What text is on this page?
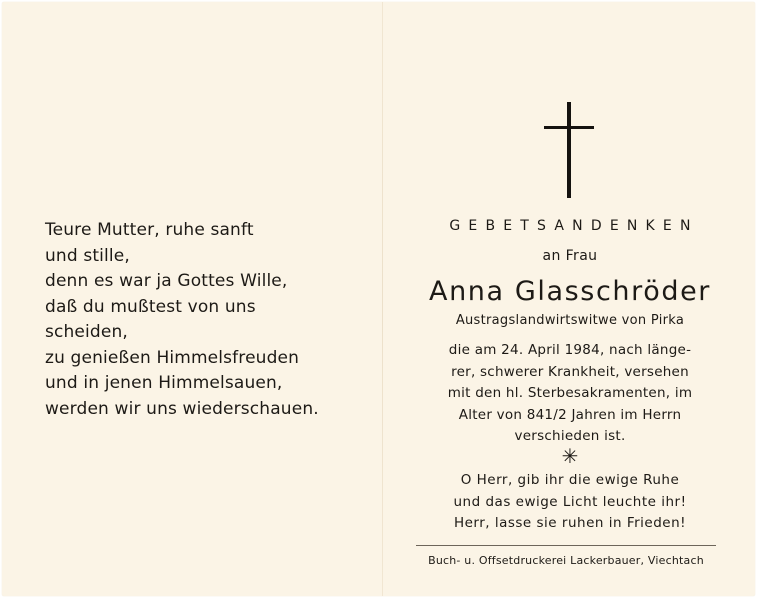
Teure Mutter, ruhe sanft
und stille,
denn es war ja Gottes Wille,
daß du mußtest von uns
scheiden,
zu genießen Himmelsfreuden
und in jenen Himmelsauen,
werden wir uns wiederschauen.
GEBETSANDENKEN
an Frau
Anna Glasschröder
Austragslandwirtswitwe von Pirka
die am 24. April 1984, nach länge-
rer, schwerer Krankheit, versehen
mit den hl. Sterbesakramenten, im
Alter von 841/2 Jahren im Herrn
verschieden ist.
✳
O Herr, gib ihr die ewige Ruhe
und das ewige Licht leuchte ihr!
Herr, lasse sie ruhen in Frieden!
Buch- u. Offsetdruckerei Lackerbauer, Viechtach
